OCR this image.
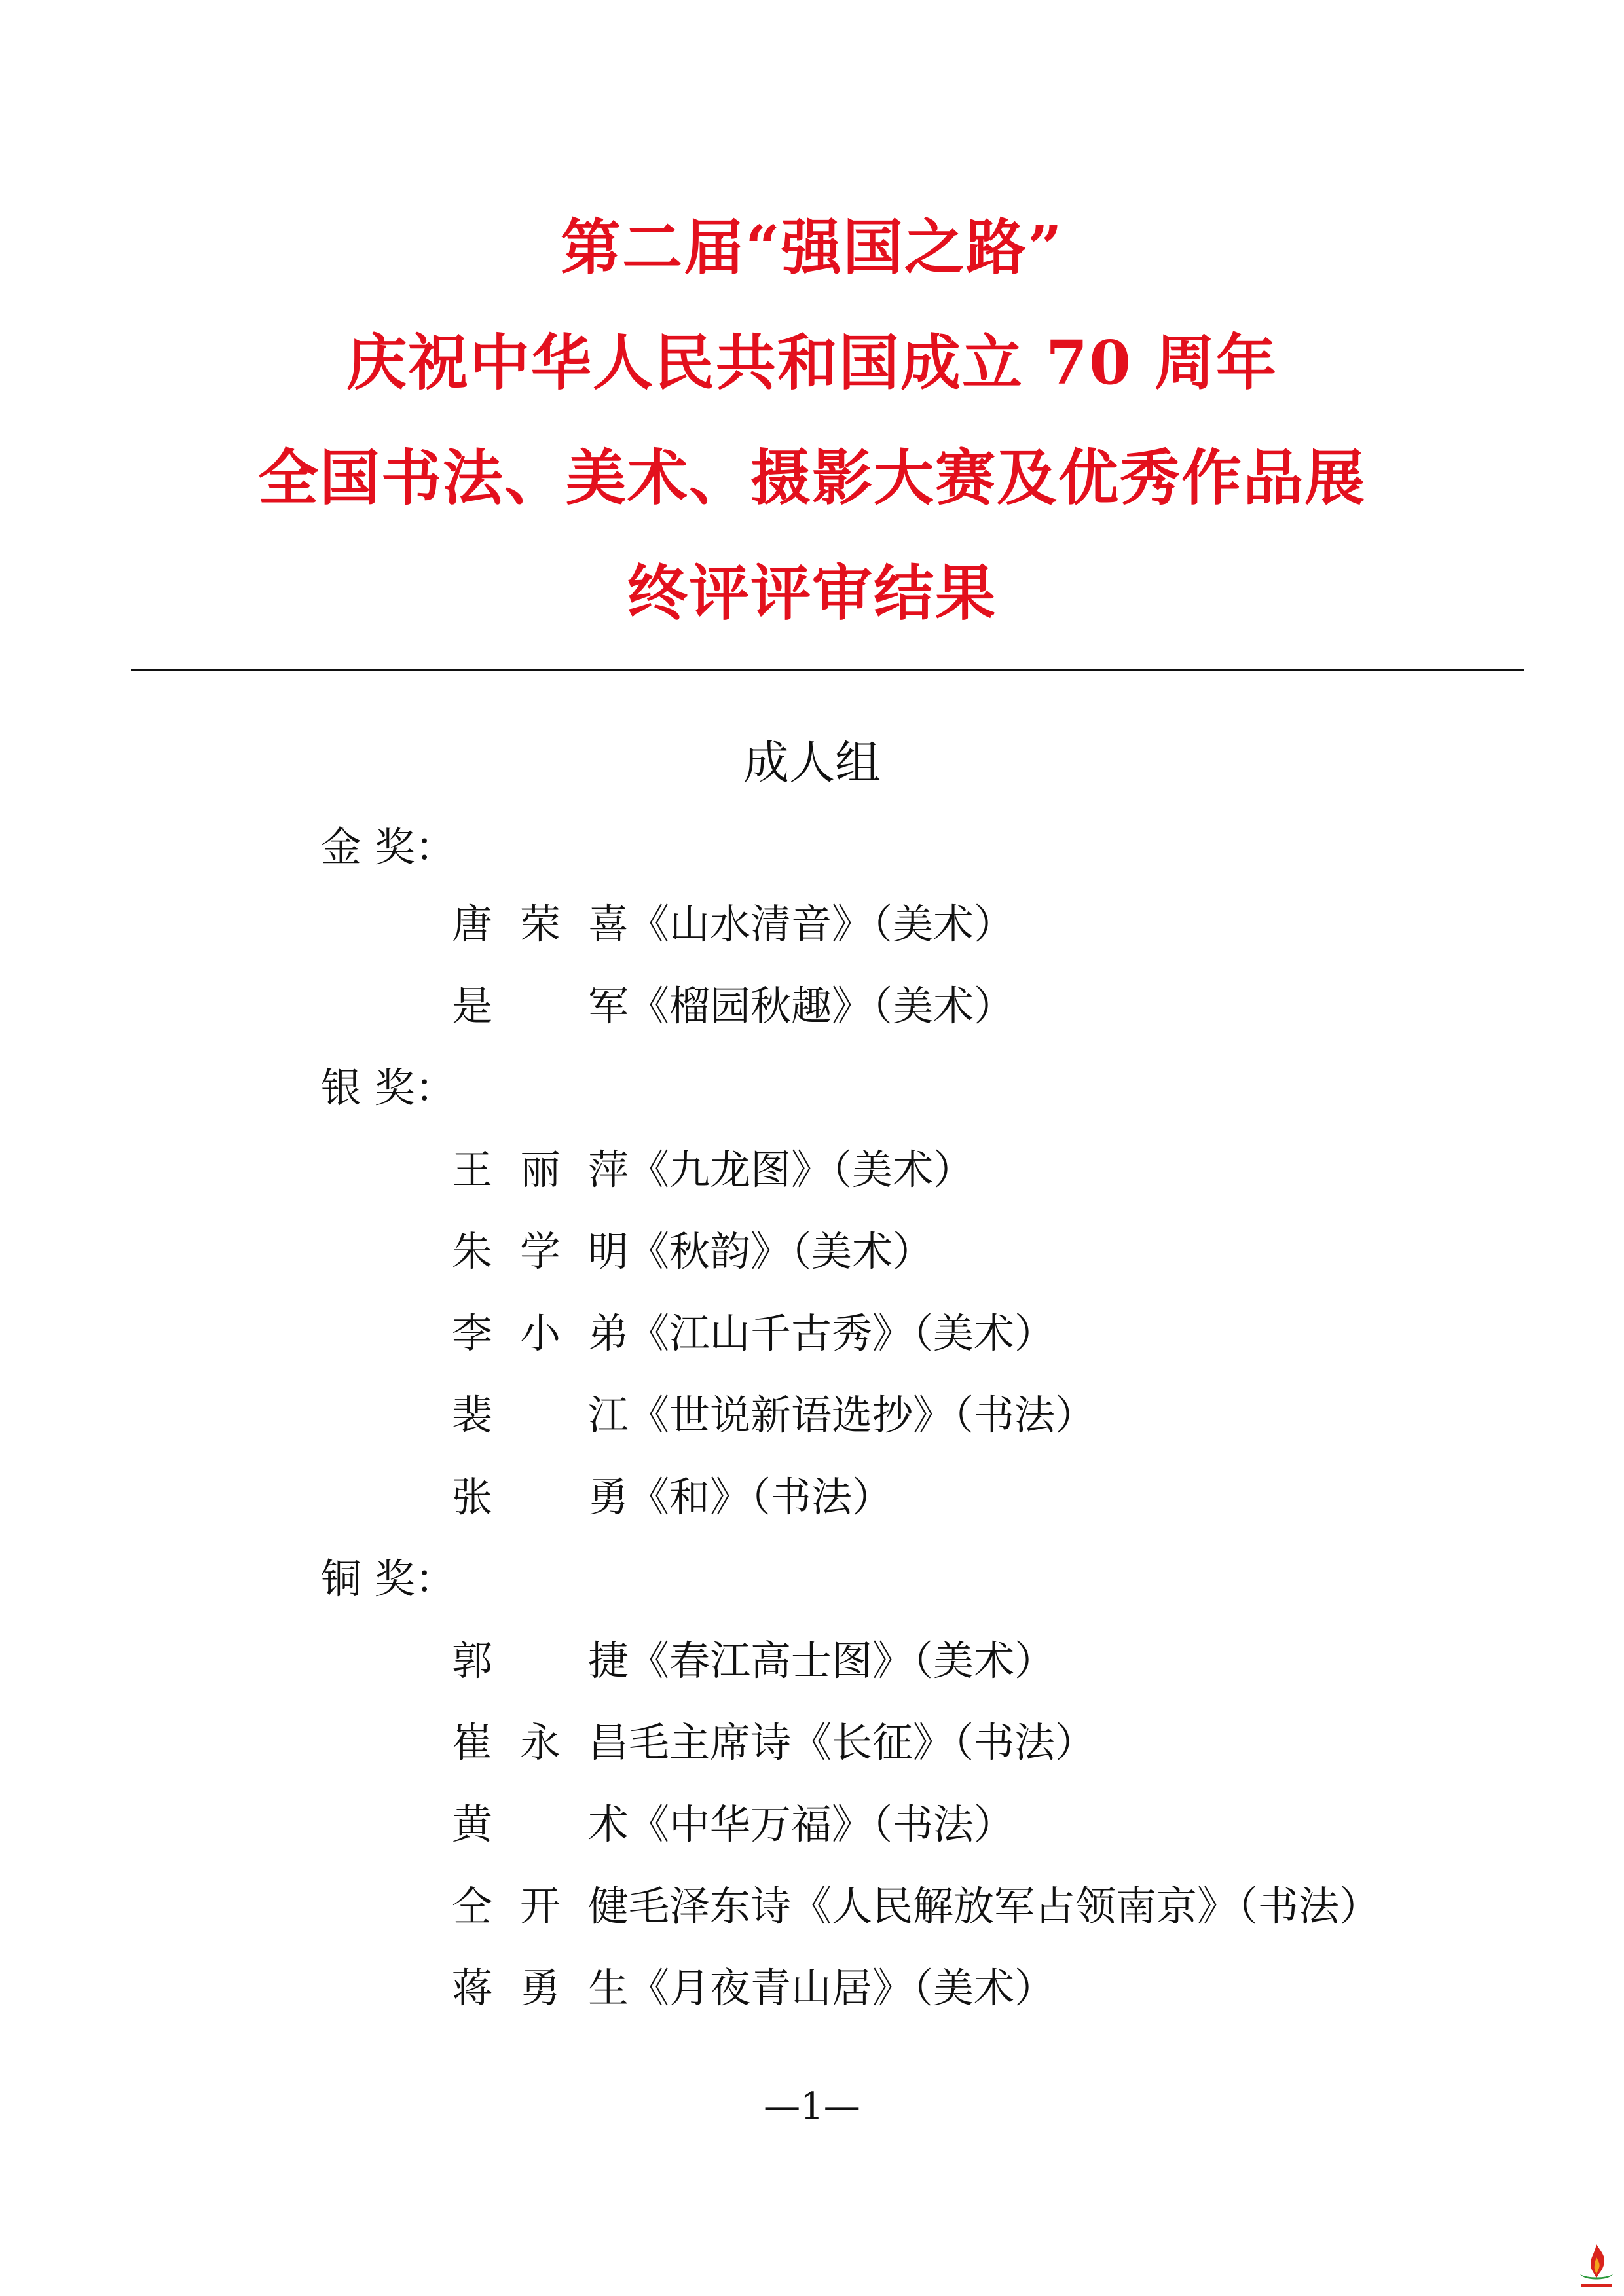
第二届“强国之路”
庆祝中华人民共和国成立 70 周年
全国书法、美术、摄影大赛及优秀作品展
终评评审结果
成人组
金 奖：
唐荣喜《山水清音》（美术）
是军《榴园秋趣》（美术）
银 奖：
王丽萍《九龙图》（美术）
朱学明《秋韵》（美术）
李小弟《江山千古秀》（美术）
裴江《世说新语选抄》（书法）
张勇《和》（书法）
铜 奖：
郭捷《春江高士图》（美术）
崔永昌毛主席诗《长征》（书法）
黄术《中华万福》（书法）
仝开健毛泽东诗《人民解放军占领南京》（书法）
蒋勇生《月夜青山居》（美术）
—1—
